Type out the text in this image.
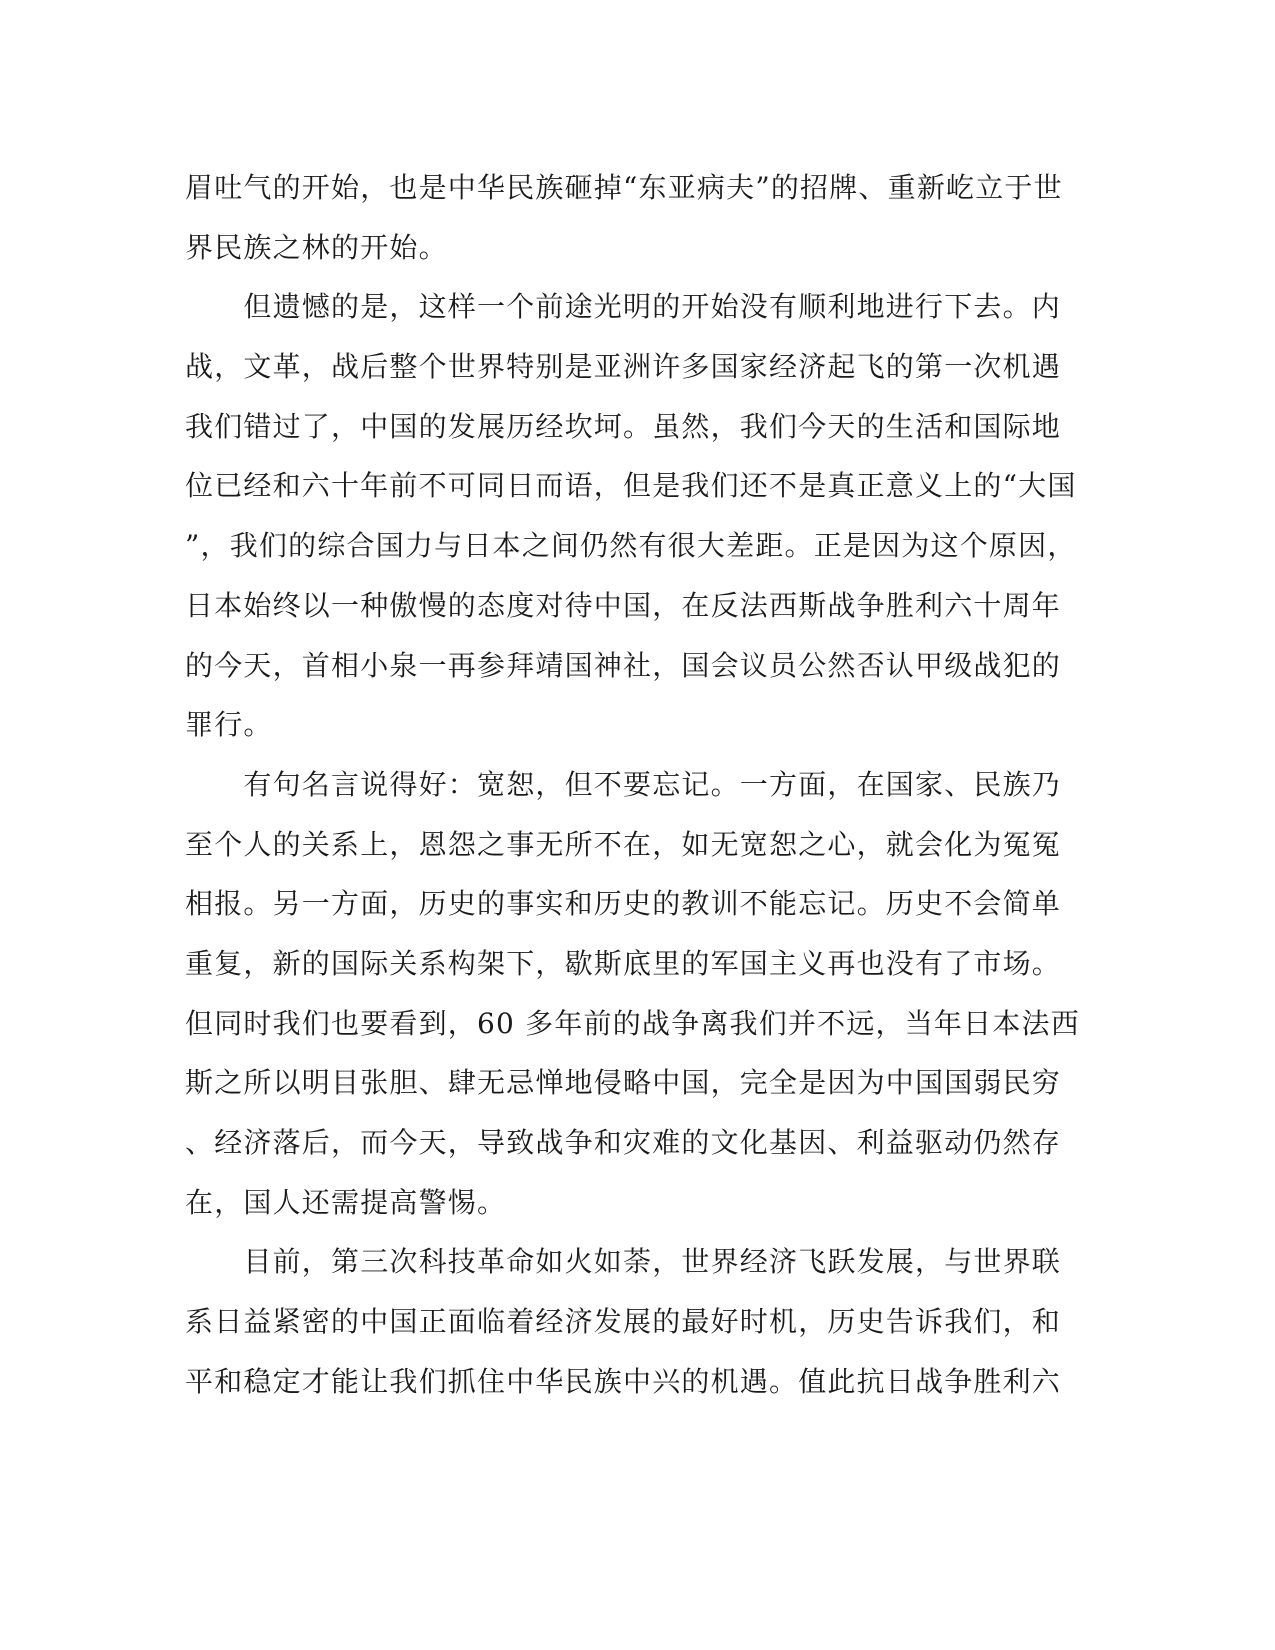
眉吐气的开始，也是中华民族砸掉“东亚病夫”的招牌、重新屹立于世
界民族之林的开始。
　　但遗憾的是，这样一个前途光明的开始没有顺利地进行下去。内
战，文革，战后整个世界特别是亚洲许多国家经济起飞的第一次机遇
我们错过了，中国的发展历经坎坷。虽然，我们今天的生活和国际地
位已经和六十年前不可同日而语，但是我们还不是真正意义上的“大国
”，我们的综合国力与日本之间仍然有很大差距。正是因为这个原因，
日本始终以一种傲慢的态度对待中国，在反法西斯战争胜利六十周年
的今天，首相小泉一再参拜靖国神社，国会议员公然否认甲级战犯的
罪行。
　　有句名言说得好：宽恕，但不要忘记。一方面，在国家、民族乃
至个人的关系上，恩怨之事无所不在，如无宽恕之心，就会化为冤冤
相报。另一方面，历史的事实和历史的教训不能忘记。历史不会简单
重复，新的国际关系构架下，歇斯底里的军国主义再也没有了市场。
但同时我们也要看到，60 多年前的战争离我们并不远，当年日本法西
斯之所以明目张胆、肆无忌惮地侵略中国，完全是因为中国国弱民穷
、经济落后，而今天，导致战争和灾难的文化基因、利益驱动仍然存
在，国人还需提高警惕。
　　目前，第三次科技革命如火如荼，世界经济飞跃发展，与世界联
系日益紧密的中国正面临着经济发展的最好时机，历史告诉我们，和
平和稳定才能让我们抓住中华民族中兴的机遇。值此抗日战争胜利六
